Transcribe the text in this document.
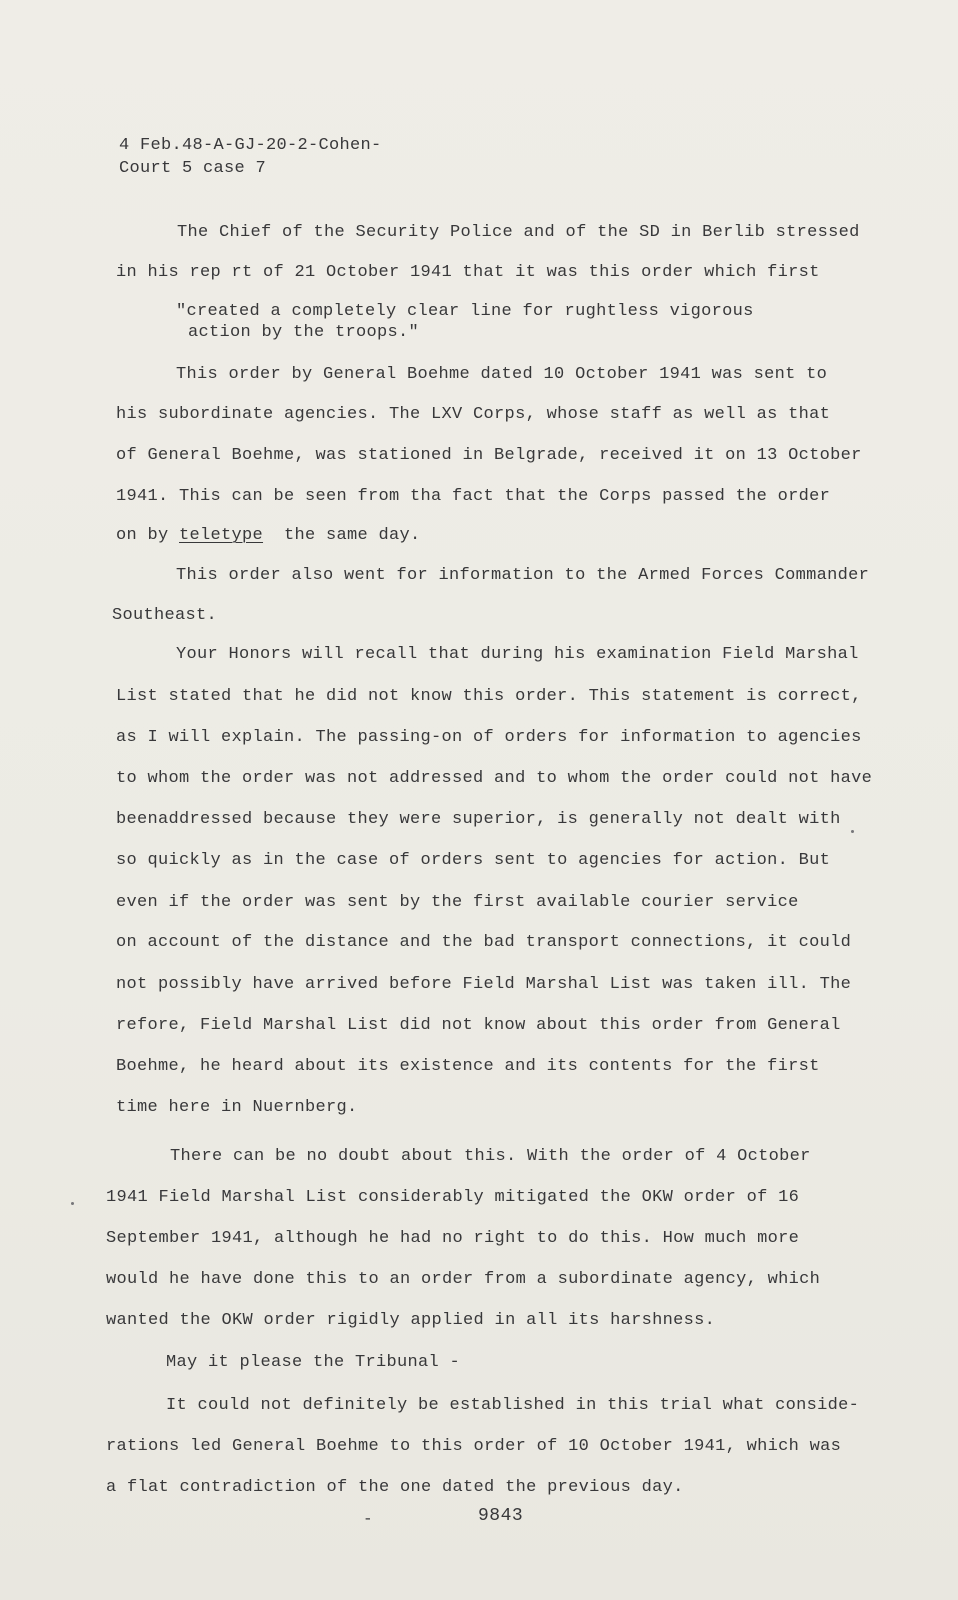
4 Feb.48-A-GJ-20-2-Cohen-
Court 5 case 7
The Chief of the Security Police and of the SD in Berlib stressed
in his rep rt of 21 October 1941 that it was this order which first
"created a completely clear line for rughtless vigorous
action by the troops."
This order by General Boehme dated 10 October 1941 was sent to
his subordinate agencies. The LXV Corps, whose staff as well as that
of General Boehme, was stationed in Belgrade, received it on 13 October
1941. This can be seen from tha fact that the Corps passed the order
on by teletype  the same day.
This order also went for information to the Armed Forces Commander
Southeast.
Your Honors will recall that during his examination Field Marshal
List stated that he did not know this order. This statement is correct,
as I will explain. The passing-on of orders for information to agencies
to whom the order was not addressed and to whom the order could not have
beenaddressed because they were superior, is generally not dealt with
so quickly as in the case of orders sent to agencies for action. But
even if the order was sent by the first available courier service
on account of the distance and the bad transport connections, it could
not possibly have arrived before Field Marshal List was taken ill. The
refore, Field Marshal List did not know about this order from General
Boehme, he heard about its existence and its contents for the first
time here in Nuernberg.
There can be no doubt about this. With the order of 4 October
1941 Field Marshal List considerably mitigated the OKW order of 16
September 1941, although he had no right to do this. How much more
would he have done this to an order from a subordinate agency, which
wanted the OKW order rigidly applied in all its harshness.
May it please the Tribunal -
It could not definitely be established in this trial what conside-
rations led General Boehme to this order of 10 October 1941, which was
a flat contradiction of the one dated the previous day.
-	9843
